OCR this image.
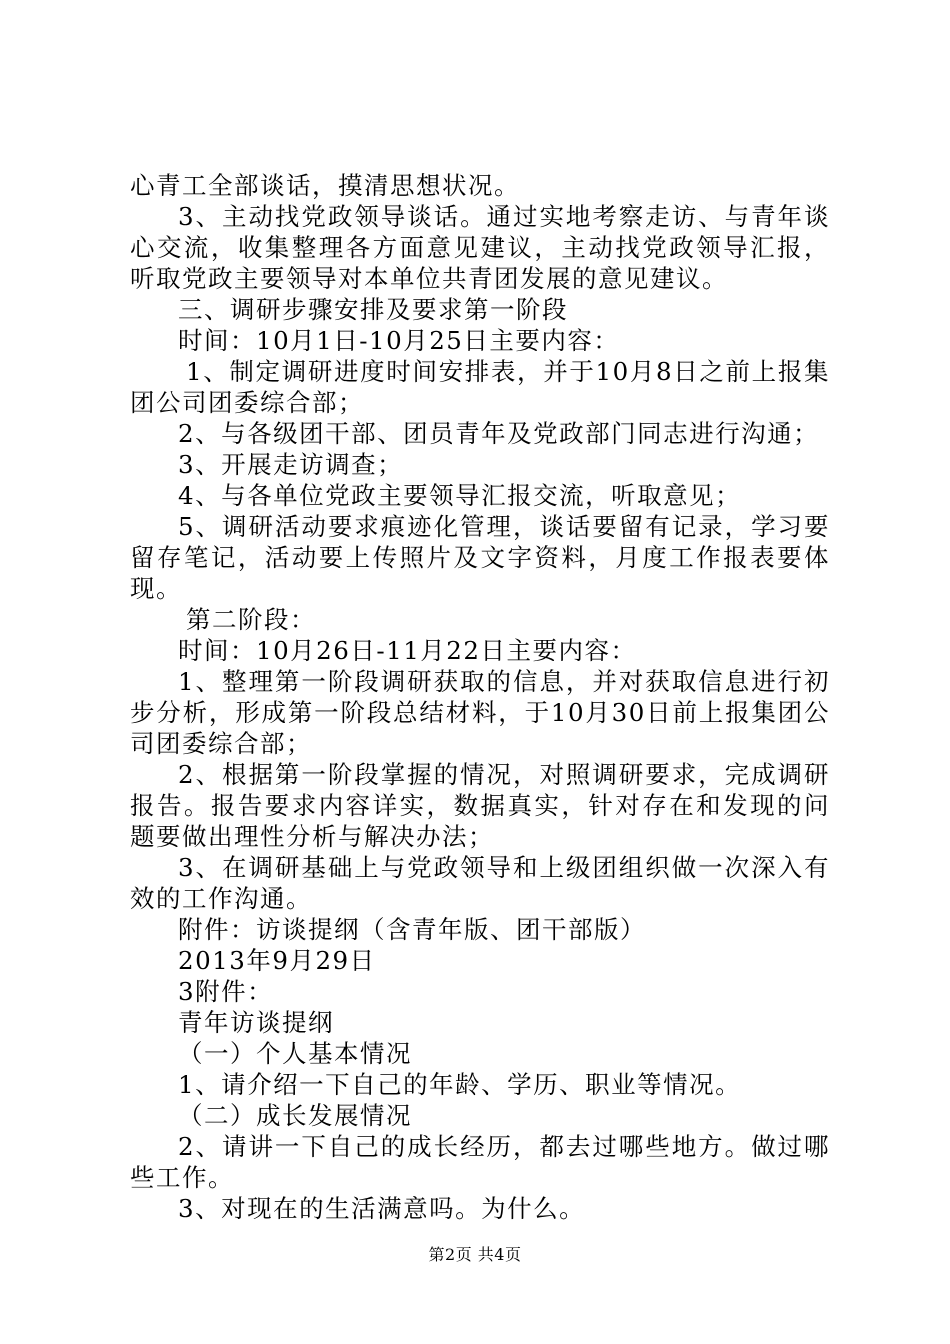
心青工全部谈话，摸清思想状况。

3、主动找党政领导谈话。通过实地考察走访、与青年谈心交流，收集整理各方面意见建议，主动找党政领导汇报，听取党政主要领导对本单位共青团发展的意见建议。

三、调研步骤安排及要求第一阶段

时间：10月1日-10月25日主要内容：

1、制定调研进度时间安排表，并于10月8日之前上报集团公司团委综合部；

2、与各级团干部、团员青年及党政部门同志进行沟通；

3、开展走访调查；

4、与各单位党政主要领导汇报交流，听取意见；

5、调研活动要求痕迹化管理，谈话要留有记录，学习要留存笔记，活动要上传照片及文字资料，月度工作报表要体现。

第二阶段：

时间：10月26日-11月22日主要内容：

1、整理第一阶段调研获取的信息，并对获取信息进行初步分析，形成第一阶段总结材料，于10月30日前上报集团公司团委综合部；

2、根据第一阶段掌握的情况，对照调研要求，完成调研报告。报告要求内容详实，数据真实，针对存在和发现的问题要做出理性分析与解决办法；

3、在调研基础上与党政领导和上级团组织做一次深入有效的工作沟通。

附件：访谈提纲（含青年版、团干部版）

2013年9月29日

3附件：

青年访谈提纲

（一）个人基本情况

1、请介绍一下自己的年龄、学历、职业等情况。

（二）成长发展情况

2、请讲一下自己的成长经历，都去过哪些地方。做过哪些工作。

3、对现在的生活满意吗。为什么。

第2页 共4页
